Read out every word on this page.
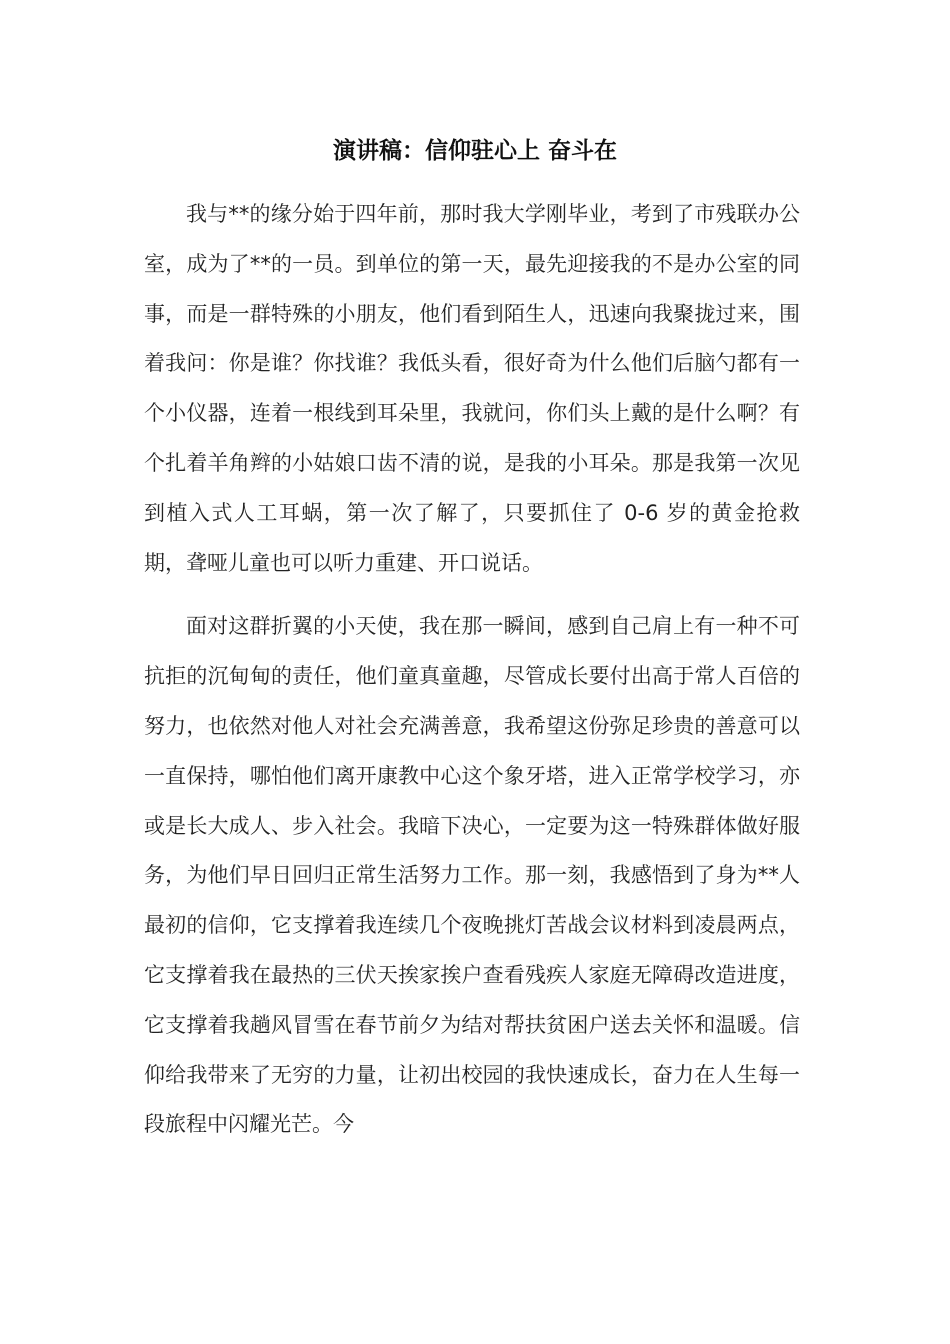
演讲稿：信仰驻心上 奋斗在

我与**的缘分始于四年前，那时我大学刚毕业，考到了市残联办公室，成为了**的一员。到单位的第一天，最先迎接我的不是办公室的同事，而是一群特殊的小朋友，他们看到陌生人，迅速向我聚拢过来，围着我问：你是谁？你找谁？我低头看，很好奇为什么他们后脑勺都有一个小仪器，连着一根线到耳朵里，我就问，你们头上戴的是什么啊？有个扎着羊角辫的小姑娘口齿不清的说，是我的小耳朵。那是我第一次见到植入式人工耳蜗，第一次了解了，只要抓住了 0-6 岁的黄金抢救期，聋哑儿童也可以听力重建、开口说话。

面对这群折翼的小天使，我在那一瞬间，感到自己肩上有一种不可抗拒的沉甸甸的责任，他们童真童趣，尽管成长要付出高于常人百倍的努力，也依然对他人对社会充满善意，我希望这份弥足珍贵的善意可以一直保持，哪怕他们离开康教中心这个象牙塔，进入正常学校学习，亦或是长大成人、步入社会。我暗下决心，一定要为这一特殊群体做好服务，为他们早日回归正常生活努力工作。那一刻，我感悟到了身为**人最初的信仰，它支撑着我连续几个夜晚挑灯苦战会议材料到凌晨两点，它支撑着我在最热的三伏天挨家挨户查看残疾人家庭无障碍改造进度，它支撑着我趟风冒雪在春节前夕为结对帮扶贫困户送去关怀和温暖。信仰给我带来了无穷的力量，让初出校园的我快速成长，奋力在人生每一段旅程中闪耀光芒。今
